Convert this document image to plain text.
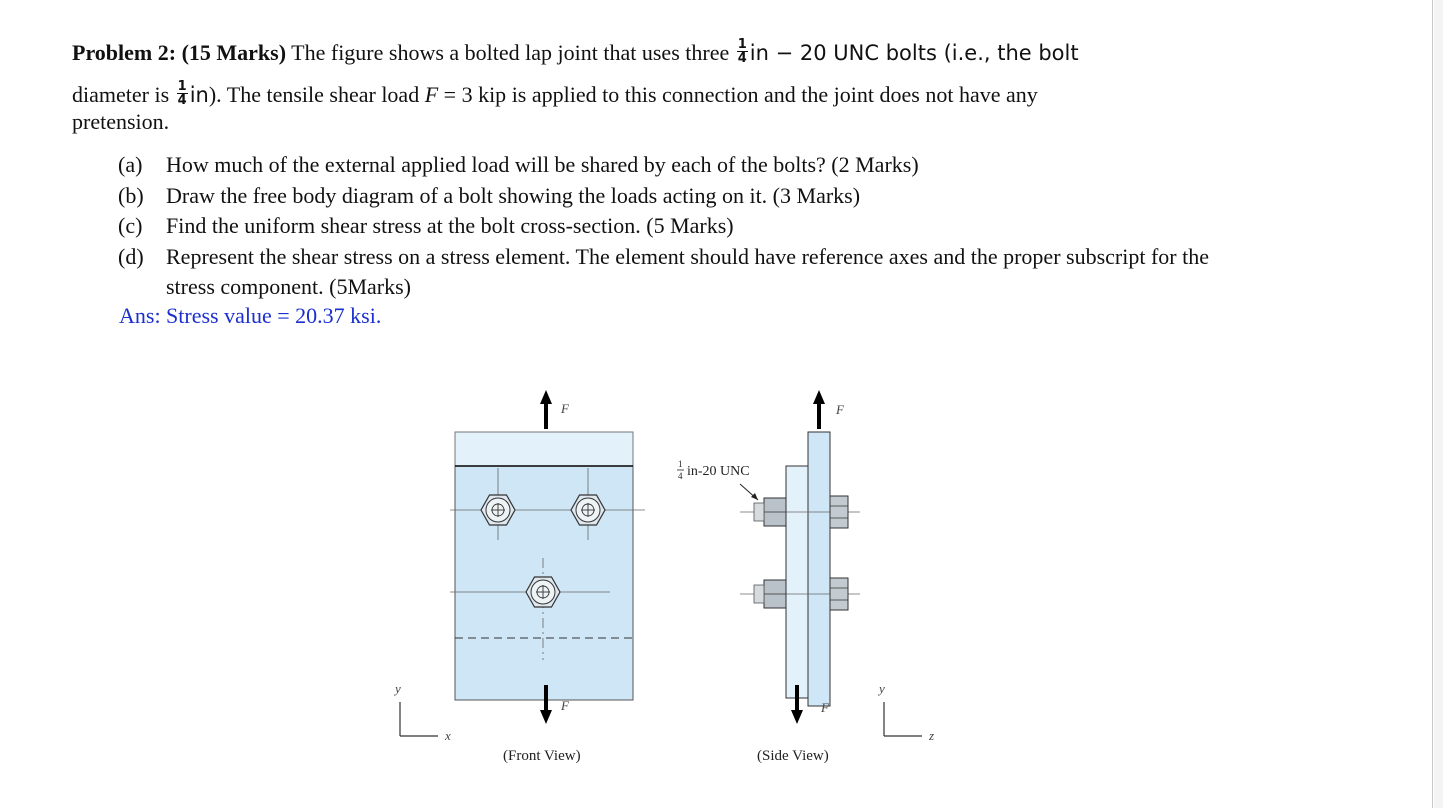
Problem 2: (15 Marks) The figure shows a bolted lap joint that uses three $\frac{1}{4}$ in − 20 UNC bolts (i.e., the bolt
diameter is $\frac{1}{4} in$). The tensile shear load F = 3 kip is applied to this connection and the joint does not have any
pretension.
(a)	How much of the external applied load will be shared by each of the bolts? (2 Marks)
(b)	Draw the free body diagram of a bolt showing the loads acting on it. (3 Marks)
(c)	Find the uniform shear stress at the bolt cross-section. (5 Marks)
(d)	Represent the shear stress on a stress element. The element should have reference axes and the proper subscript for the stress component. (5Marks)
Ans: Stress value = 20.37 ksi.
F
F
y
x
(Front View)
1
4 in-20 UNC
F
F
y
z
(Side View)
